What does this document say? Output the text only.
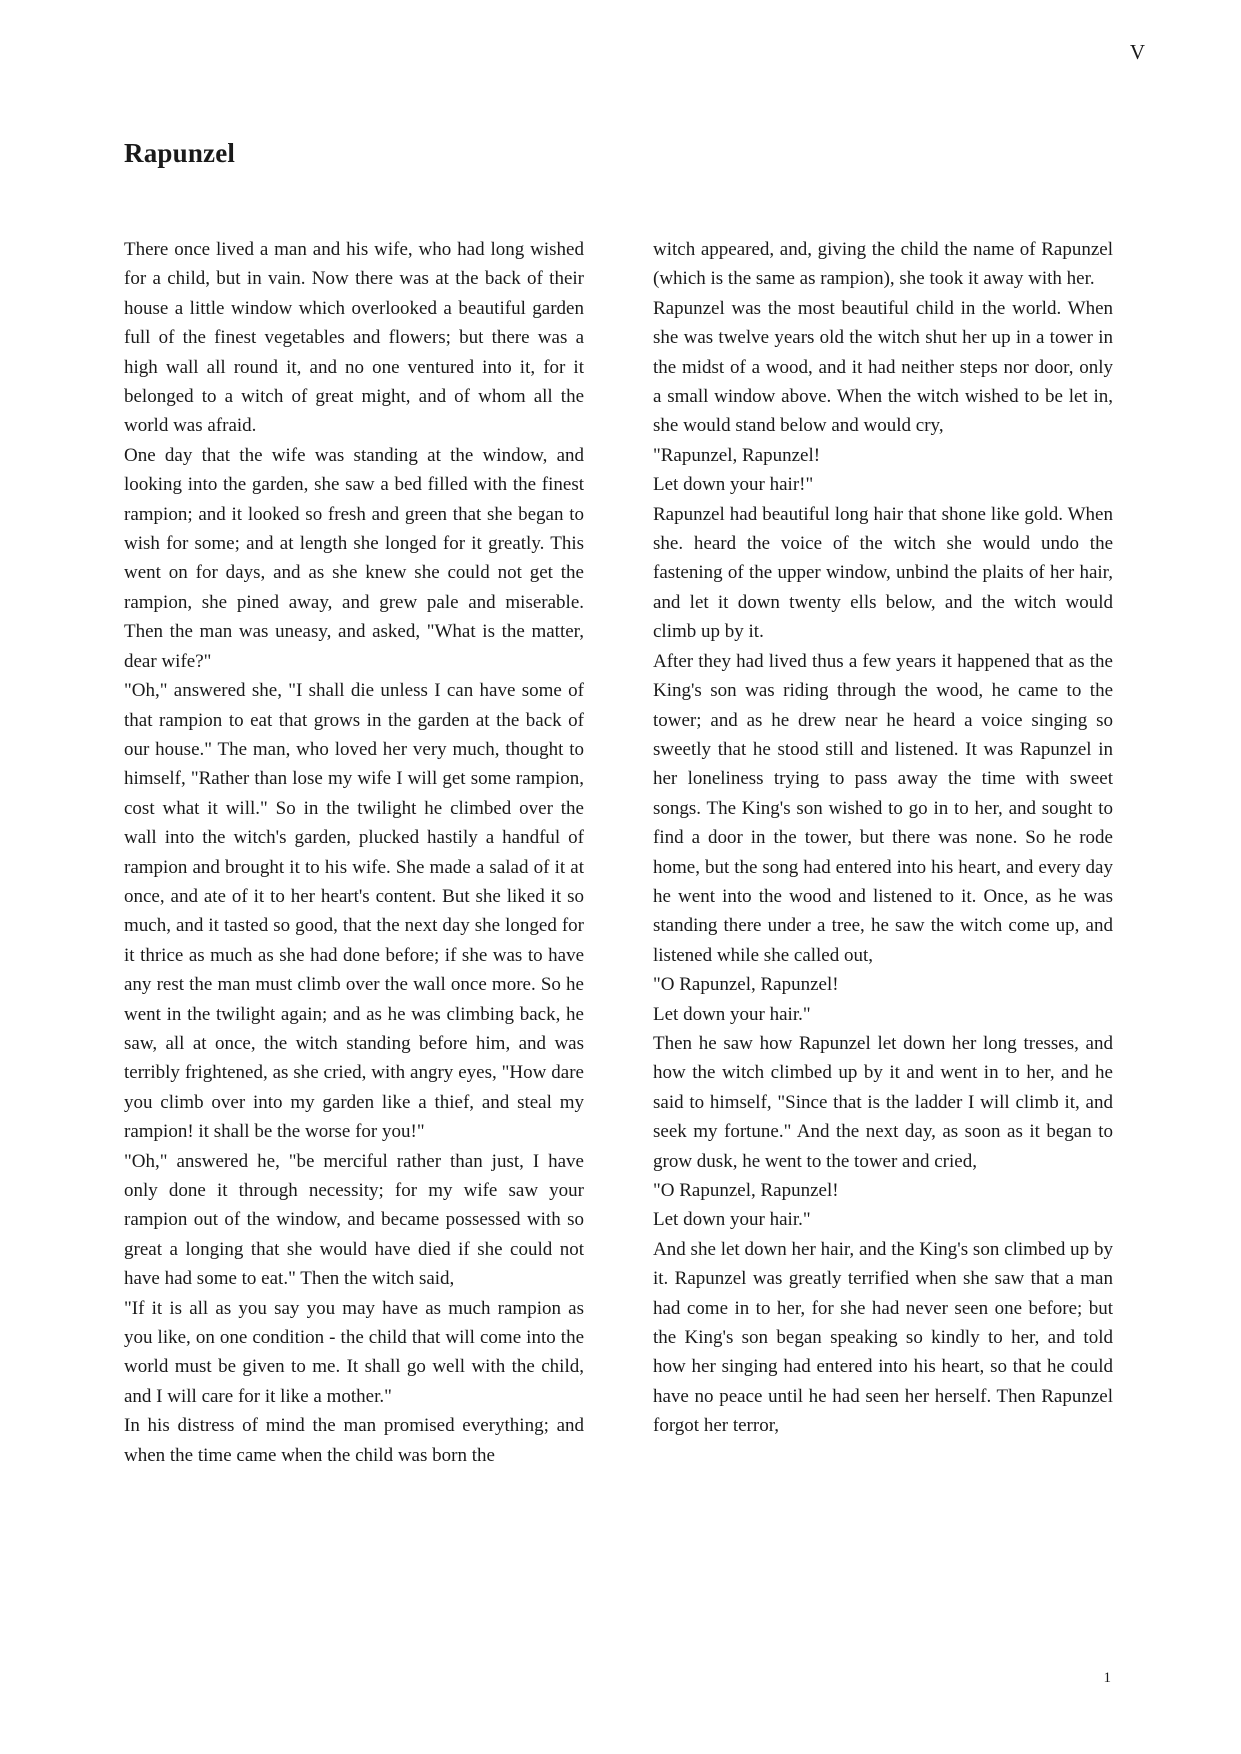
V
Rapunzel

There once lived a man and his wife, who had long wished for a child, but in vain. Now there was at the back of their house a little window which overlooked a beautiful garden full of the finest vegetables and flowers; but there was a high wall all round it, and no one ventured into it, for it belonged to a witch of great might, and of whom all the world was afraid.

One day that the wife was standing at the window, and looking into the garden, she saw a bed filled with the finest rampion; and it looked so fresh and green that she began to wish for some; and at length she longed for it greatly. This went on for days, and as she knew she could not get the rampion, she pined away, and grew pale and miserable. Then the man was uneasy, and asked, "What is the matter, dear wife?"

"Oh," answered she, "I shall die unless I can have some of that rampion to eat that grows in the garden at the back of our house." The man, who loved her very much, thought to himself, "Rather than lose my wife I will get some rampion, cost what it will." So in the twilight he climbed over the wall into the witch's garden, plucked hastily a handful of rampion and brought it to his wife. She made a salad of it at once, and ate of it to her heart's content. But she liked it so much, and it tasted so good, that the next day she longed for it thrice as much as she had done before; if she was to have any rest the man must climb over the wall once more. So he went in the twilight again; and as he was climbing back, he saw, all at once, the witch standing before him, and was terribly frightened, as she cried, with angry eyes, "How dare you climb over into my garden like a thief, and steal my rampion! it shall be the worse for you!"

"Oh," answered he, "be merciful rather than just, I have only done it through necessity; for my wife saw your rampion out of the window, and became possessed with so great a longing that she would have died if she could not have had some to eat." Then the witch said,

"If it is all as you say you may have as much rampion as you like, on one condition - the child that will come into the world must be given to me. It shall go well with the child, and I will care for it like a mother."

In his distress of mind the man promised everything; and when the time came when the child was born the

witch appeared, and, giving the child the name of Rapunzel (which is the same as rampion), she took it away with her.

Rapunzel was the most beautiful child in the world. When she was twelve years old the witch shut her up in a tower in the midst of a wood, and it had neither steps nor door, only a small window above. When the witch wished to be let in, she would stand below and would cry,

"Rapunzel, Rapunzel!

Let down your hair!"

Rapunzel had beautiful long hair that shone like gold. When she. heard the voice of the witch she would undo the fastening of the upper window, unbind the plaits of her hair, and let it down twenty ells below, and the witch would climb up by it.

After they had lived thus a few years it happened that as the King's son was riding through the wood, he came to the tower; and as he drew near he heard a voice singing so sweetly that he stood still and listened. It was Rapunzel in her loneliness trying to pass away the time with sweet songs. The King's son wished to go in to her, and sought to find a door in the tower, but there was none. So he rode home, but the song had entered into his heart, and every day he went into the wood and listened to it. Once, as he was standing there under a tree, he saw the witch come up, and listened while she called out,

"O Rapunzel, Rapunzel!

Let down your hair."

Then he saw how Rapunzel let down her long tresses, and how the witch climbed up by it and went in to her, and he said to himself, "Since that is the ladder I will climb it, and seek my fortune." And the next day, as soon as it began to grow dusk, he went to the tower and cried,

"O Rapunzel, Rapunzel!

Let down your hair."

And she let down her hair, and the King's son climbed up by it. Rapunzel was greatly terrified when she saw that a man had come in to her, for she had never seen one before; but the King's son began speaking so kindly to her, and told how her singing had entered into his heart, so that he could have no peace until he had seen her herself. Then Rapunzel forgot her terror,

1
